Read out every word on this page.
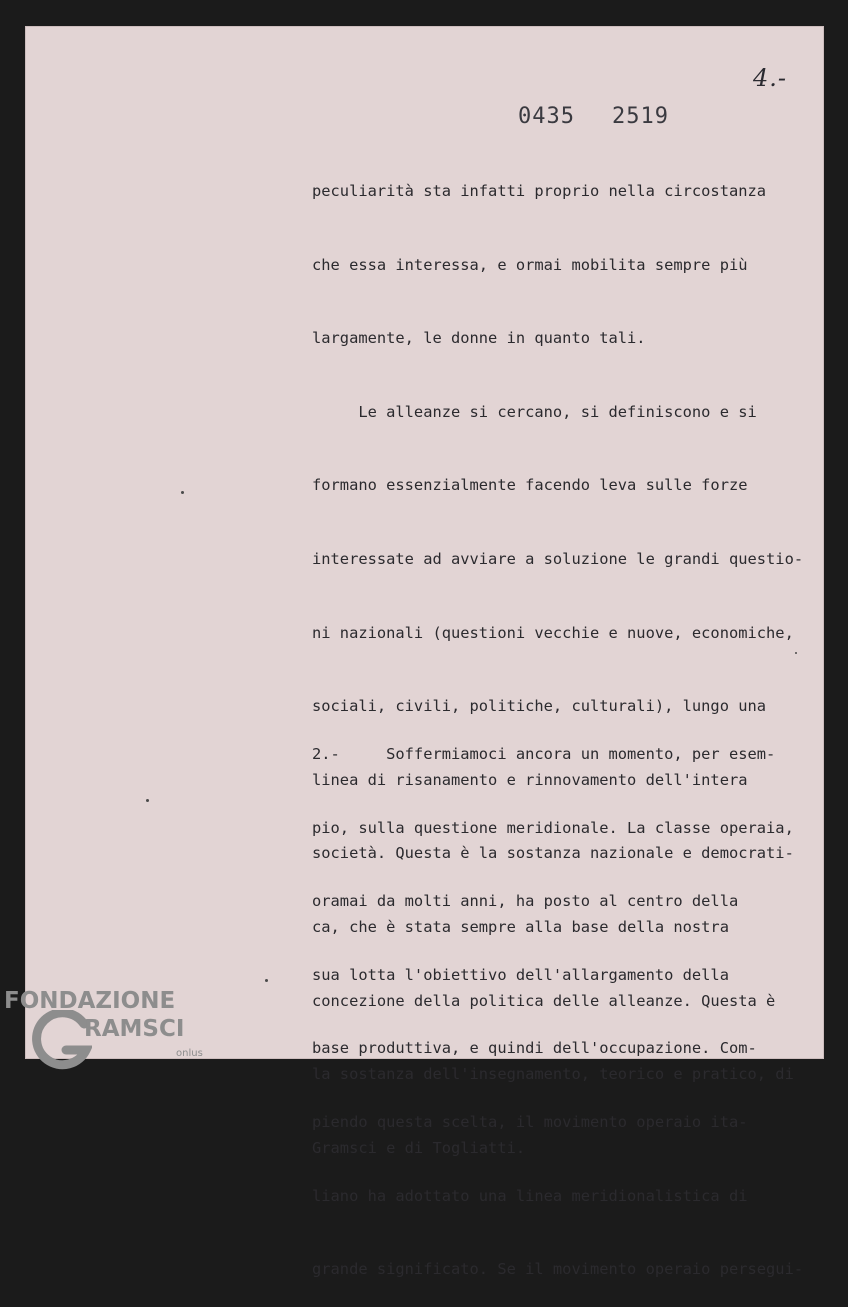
4.-
0435 2519

peculiarità sta infatti proprio nella circostanza

che essa interessa, e ormai mobilita sempre più

largamente, le donne in quanto tali.

Le alleanze si cercano, si definiscono e si

formano essenzialmente facendo leva sulle forze

interessate ad avviare a soluzione le grandi questio-

ni nazionali (questioni vecchie e nuove, economiche,

sociali, civili, politiche, culturali), lungo una

linea di risanamento e rinnovamento dell'intera

società. Questa è la sostanza nazionale e democrati-

ca, che è stata sempre alla base della nostra

concezione della politica delle alleanze. Questa è

la sostanza dell'insegnamento, teorico e pratico, di

Gramsci e di Togliatti.

2.-     Soffermiamoci ancora un momento, per esem-

pio, sulla questione meridionale. La classe operaia,

oramai da molti anni, ha posto al centro della

sua lotta l'obiettivo dell'allargamento della

base produttiva, e quindi dell'occupazione. Com-

piendo questa scelta, il movimento operaio ita-

liano ha adottato una linea meridionalistica di

grande significato. Se il movimento operaio persegui-

FONDAZIONE
RAMSCI
onlus
